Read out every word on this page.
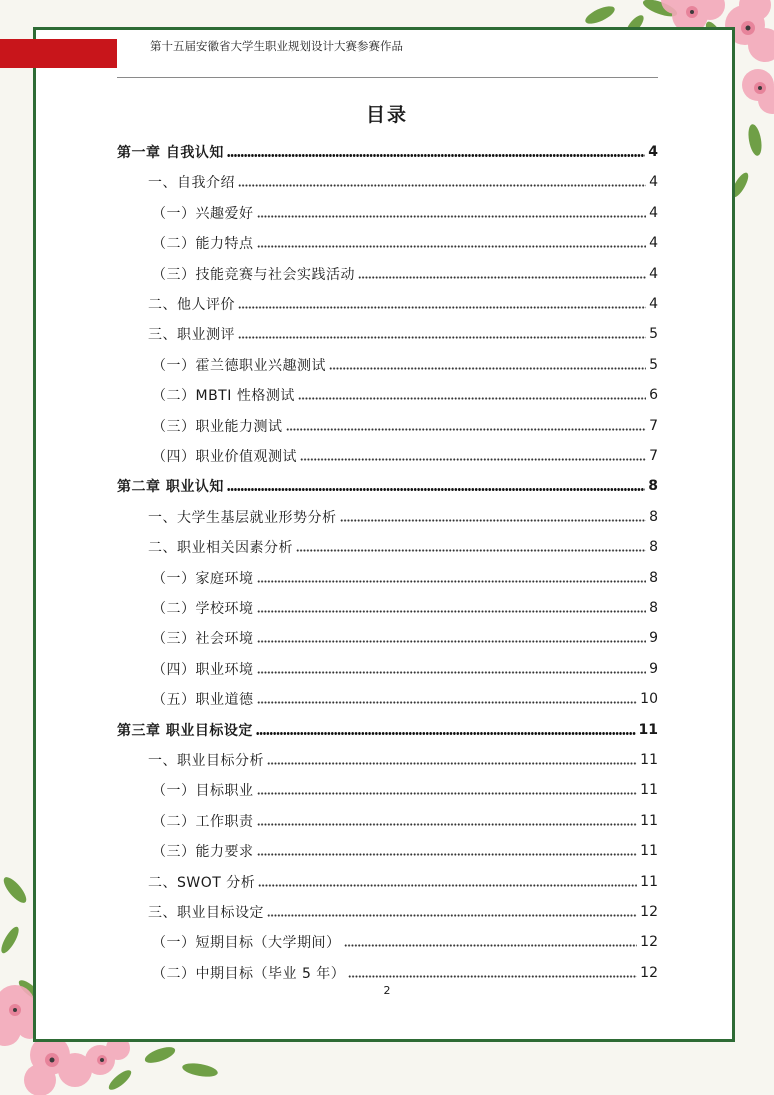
第十五届安徽省大学生职业规划设计大赛参赛作品
目录
第一章 自我认知	4
一、自我介绍	4
（一）兴趣爱好	4
（二）能力特点	4
（三）技能竞赛与社会实践活动	4
二、他人评价	4
三、职业测评	5
（一）霍兰德职业兴趣测试	5
（二）MBTI 性格测试	6
（三）职业能力测试	7
（四）职业价值观测试	7
第二章 职业认知	8
一、大学生基层就业形势分析	8
二、职业相关因素分析	8
（一）家庭环境	8
（二）学校环境	8
（三）社会环境	9
（四）职业环境	9
（五）职业道德	10
第三章 职业目标设定	11
一、职业目标分析	11
（一）目标职业	11
（二）工作职责	11
（三）能力要求	11
二、SWOT 分析	11
三、职业目标设定	12
（一）短期目标（大学期间）	12
（二）中期目标（毕业 5 年）	12
2
